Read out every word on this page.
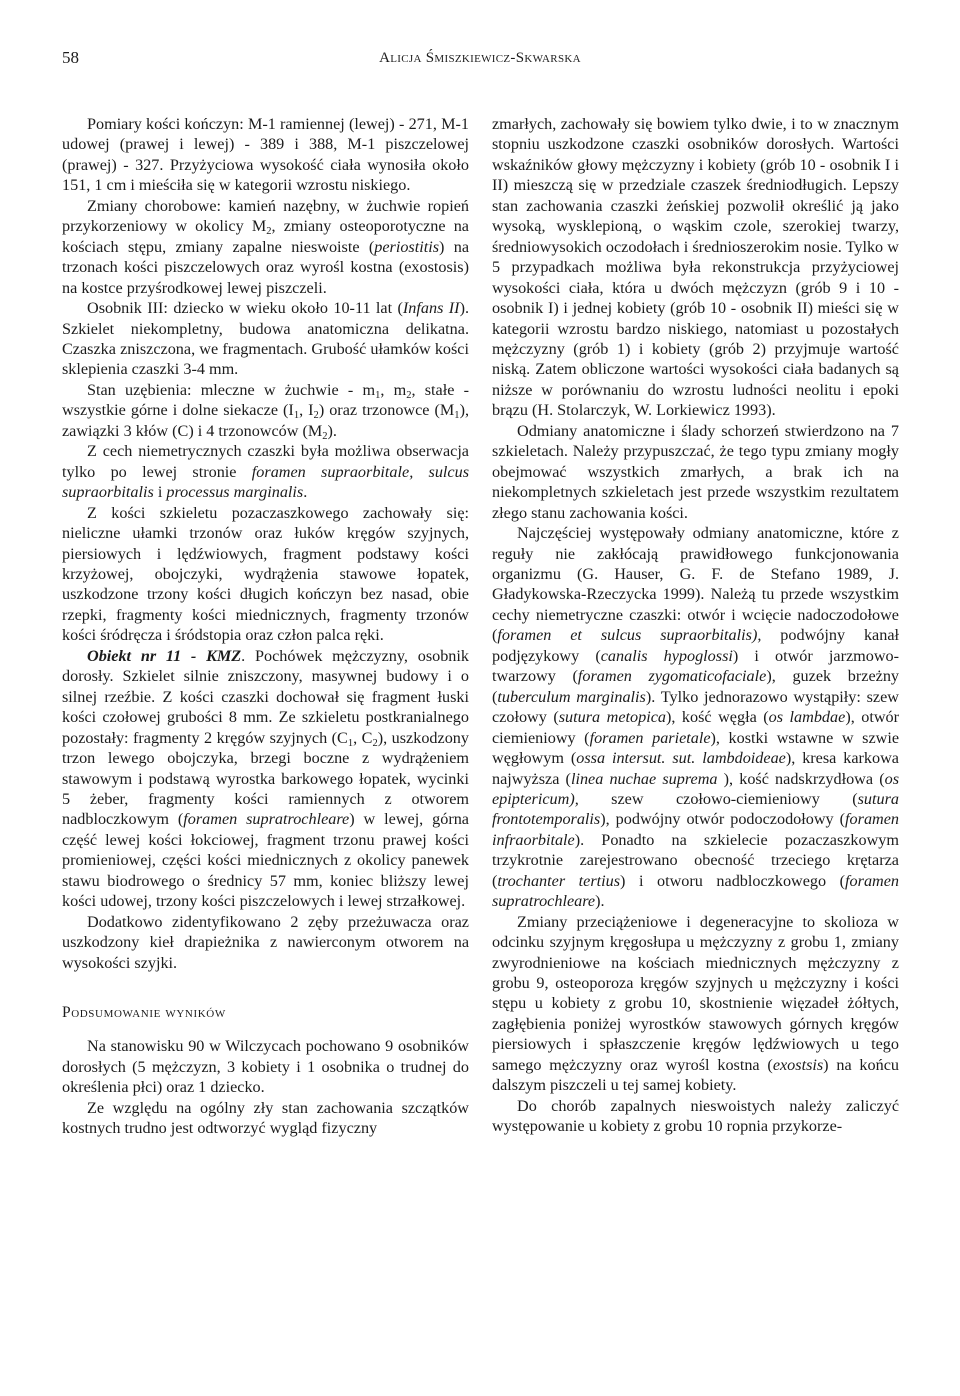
58	Alicja Śmiszkiewicz-Skwarska

Pomiary kości kończyn: M-1 ramiennej (lewej) - 271, M-1 udowej (prawej i lewej) - 389 i 388, M-1 piszczelowej (prawej) - 327. Przyżyciowa wysokość ciała wynosiła około 151, 1 cm i mieściła się w kategorii wzrostu niskiego.

Zmiany chorobowe: kamień nazębny, w żuchwie ropień przykorzeniowy w okolicy $M_2$, zmiany osteoporotyczne na kościach stępu, zmiany zapalne nieswoiste (periostitis) na trzonach kości piszczelowych oraz wyrośl kostna (exostosis) na kostce przyśrodkowej lewej piszczeli.

Osobnik III: dziecko w wieku około 10-11 lat (Infans II). Szkielet niekompletny, budowa anatomiczna delikatna. Czaszka zniszczona, we fragmentach. Grubość ułamków kości sklepienia czaszki 3-4 mm.

Stan uzębienia: mleczne w żuchwie - $m_1$, $m_2$, stałe - wszystkie górne i dolne siekacze ($I_1$, $I_2$) oraz trzonowce $(M_1)$, zawiązki 3 kłów (C) i 4 trzonowców $(M_2)$.

Z cech niemetrycznych czaszki była możliwa obserwacja tylko po lewej stronie foramen supraorbitale, sulcus supraorbitalis i processus marginalis.

Z kości szkieletu pozaczaszkowego zachowały się: nieliczne ułamki trzonów oraz łuków kręgów szyjnych, piersiowych i lędźwiowych, fragment podstawy kości krzyżowej, obojczyki, wydrążenia stawowe łopatek, uszkodzone trzony kości długich kończyn bez nasad, obie rzepki, fragmenty kości miednicznych, fragmenty trzonów kości śródręcza i śródstopia oraz człon palca ręki.

Obiekt nr 11 - KMZ. Pochówek mężczyzny, osobnik dorosły. Szkielet silnie zniszczony, masywnej budowy i o silnej rzeźbie. Z kości czaszki dochował się fragment łuski kości czołowej grubości 8 mm. Ze szkieletu postkranialnego pozostały: fragmenty 2 kręgów szyjnych ($C_1$, $C_2$), uszkodzony trzon lewego obojczyka, brzegi boczne z wydrążeniem stawowym i podstawą wyrostka barkowego łopatek, wycinki 5 żeber, fragmenty kości ramiennych z otworem nadbloczkowym (foramen supratrochleare) w lewej, górna część lewej kości łokciowej, fragment trzonu prawej kości promieniowej, części kości miednicznych z okolicy panewek stawu biodrowego o średnicy 57 mm, koniec bliższy lewej kości udowej, trzony kości piszczelowych i lewej strzałkowej.

Dodatkowo zidentyfikowano 2 zęby przeżuwacza oraz uszkodzony kieł drapieżnika z nawierconym otworem na wysokości szyjki.

Podsumowanie wyników

Na stanowisku 90 w Wilczycach pochowano 9 osobników dorosłych (5 mężczyzn, 3 kobiety i 1 osobnika o trudnej do określenia płci) oraz 1 dziecko.

Ze względu na ogólny zły stan zachowania szczątków kostnych trudno jest odtworzyć wygląd fizyczny

zmarłych, zachowały się bowiem tylko dwie, i to w znacznym stopniu uszkodzone czaszki osobników dorosłych. Wartości wskaźników głowy mężczyzny i kobiety (grób 10 - osobnik I i II) mieszczą się w przedziale czaszek średniodługich. Lepszy stan zachowania czaszki żeńskiej pozwolił określić ją jako wysoką, wysklepioną, o wąskim czole, szerokiej twarzy, średniowysokich oczodołach i średnioszerokim nosie. Tylko w 5 przypadkach możliwa była rekonstrukcja przyżyciowej wysokości ciała, która u dwóch mężczyzn (grób 9 i 10 - osobnik I) i jednej kobiety (grób 10 - osobnik II) mieści się w kategorii wzrostu bardzo niskiego, natomiast u pozostałych mężczyzny (grób 1) i kobiety (grób 2) przyjmuje wartość niską. Zatem obliczone wartości wysokości ciała badanych są niższe w porównaniu do wzrostu ludności neolitu i epoki brązu (H. Stolarczyk, W. Lorkiewicz 1993).

Odmiany anatomiczne i ślady schorzeń stwierdzono na 7 szkieletach. Należy przypuszczać, że tego typu zmiany mogły obejmować wszystkich zmarłych, a brak ich na niekompletnych szkieletach jest przede wszystkim rezultatem złego stanu zachowania kości.

Najczęściej występowały odmiany anatomiczne, które z reguły nie zakłócają prawidłowego funkcjonowania organizmu (G. Hauser, G. F. de Stefano 1989, J. Gładykowska-Rzeczycka 1999). Należą tu przede wszystkim cechy niemetryczne czaszki: otwór i wcięcie nadoczodołowe (foramen et sulcus supraorbitalis), podwójny kanał podjęzykowy (canalis hypoglossi) i otwór jarzmowo-twarzowy (foramen zygomaticofaciale), guzek brzeżny (tuberculum marginalis). Tylko jednorazowo wystąpiły: szew czołowy (sutura metopica), kość węgła (os lambdae), otwór ciemieniowy (foramen parietale), kostki wstawne w szwie węgłowym (ossa intersut. sut. lambdoideae), kresa karkowa najwyższa (linea nuchae suprema ), kość nadskrzydłowa (os epiptericum), szew czołowo-ciemieniowy (sutura frontotemporalis), podwójny otwór podoczodołowy (foramen infraorbitale). Ponadto na szkielecie pozaczaszkowym trzykrotnie zarejestrowano obecność trzeciego krętarza (trochanter tertius) i otworu nadbloczkowego (foramen supratrochleare).

Zmiany przeciążeniowe i degeneracyjne to skolioza w odcinku szyjnym kręgosłupa u mężczyzny z grobu 1, zmiany zwyrodnieniowe na kościach miednicznych mężczyzny z grobu 9, osteoporoza kręgów szyjnych u mężczyzny i kości stępu u kobiety z grobu 10, skostnienie więzadeł żółtych, zagłębienia poniżej wyrostków stawowych górnych kręgów piersiowych i spłaszczenie kręgów lędźwiowych u tego samego mężczyzny oraz wyrośl kostna (exostsis) na końcu dalszym piszczeli u tej samej kobiety.

Do chorób zapalnych nieswoistych należy zaliczyć występowanie u kobiety z grobu 10 ropnia przykorze-
